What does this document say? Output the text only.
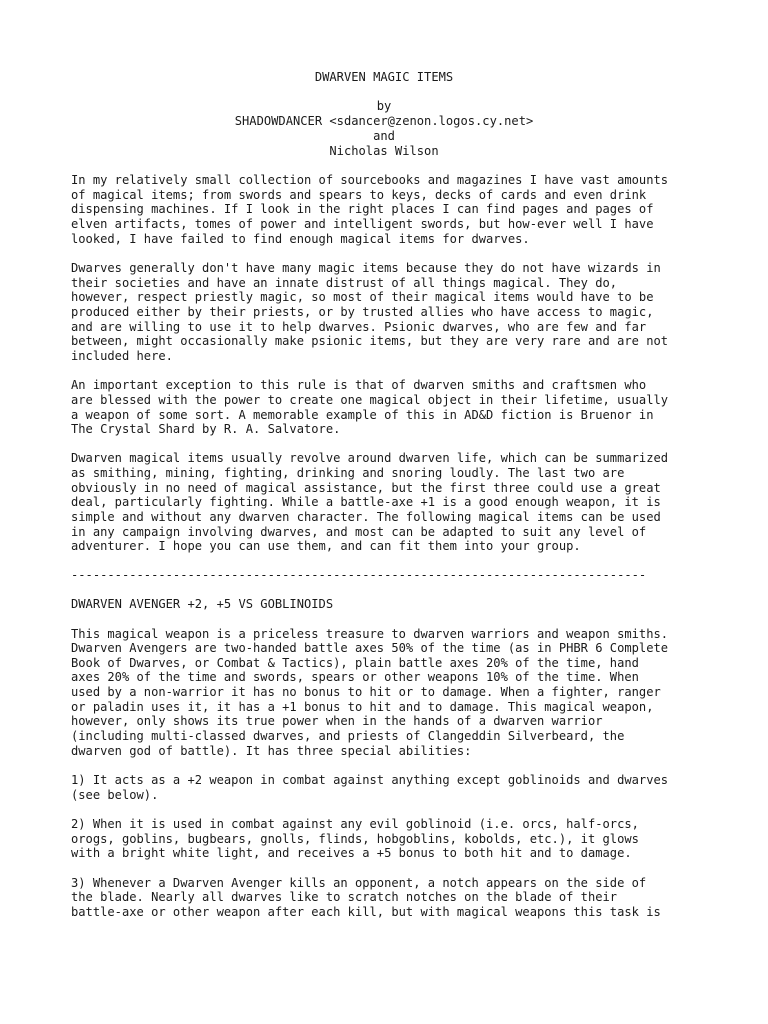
DWARVEN MAGIC ITEMS
by
SHADOWDANCER <sdancer@zenon.logos.cy.net>
and
Nicholas Wilson
In my relatively small collection of sourcebooks and magazines I have vast amounts
of magical items; from swords and spears to keys, decks of cards and even drink
dispensing machines. If I look in the right places I can find pages and pages of
elven artifacts, tomes of power and intelligent swords, but how-ever well I have
looked, I have failed to find enough magical items for dwarves.
Dwarves generally don't have many magic items because they do not have wizards in
their societies and have an innate distrust of all things magical. They do,
however, respect priestly magic, so most of their magical items would have to be
produced either by their priests, or by trusted allies who have access to magic,
and are willing to use it to help dwarves. Psionic dwarves, who are few and far
between, might occasionally make psionic items, but they are very rare and are not
included here.
An important exception to this rule is that of dwarven smiths and craftsmen who
are blessed with the power to create one magical object in their lifetime, usually
a weapon of some sort. A memorable example of this in AD&D fiction is Bruenor in
The Crystal Shard by R. A. Salvatore.
Dwarven magical items usually revolve around dwarven life, which can be summarized
as smithing, mining, fighting, drinking and snoring loudly. The last two are
obviously in no need of magical assistance, but the first three could use a great
deal, particularly fighting. While a battle-axe +1 is a good enough weapon, it is
simple and without any dwarven character. The following magical items can be used
in any campaign involving dwarves, and most can be adapted to suit any level of
adventurer. I hope you can use them, and can fit them into your group.
-------------------------------------------------------------------------------
DWARVEN AVENGER +2, +5 VS GOBLINOIDS
This magical weapon is a priceless treasure to dwarven warriors and weapon smiths.
Dwarven Avengers are two-handed battle axes 50% of the time (as in PHBR 6 Complete
Book of Dwarves, or Combat & Tactics), plain battle axes 20% of the time, hand
axes 20% of the time and swords, spears or other weapons 10% of the time. When
used by a non-warrior it has no bonus to hit or to damage. When a fighter, ranger
or paladin uses it, it has a +1 bonus to hit and to damage. This magical weapon,
however, only shows its true power when in the hands of a dwarven warrior
(including multi-classed dwarves, and priests of Clangeddin Silverbeard, the
dwarven god of battle). It has three special abilities:
1) It acts as a +2 weapon in combat against anything except goblinoids and dwarves
(see below).
2) When it is used in combat against any evil goblinoid (i.e. orcs, half-orcs,
orogs, goblins, bugbears, gnolls, flinds, hobgoblins, kobolds, etc.), it glows
with a bright white light, and receives a +5 bonus to both hit and to damage.
3) Whenever a Dwarven Avenger kills an opponent, a notch appears on the side of
the blade. Nearly all dwarves like to scratch notches on the blade of their
battle-axe or other weapon after each kill, but with magical weapons this task is
